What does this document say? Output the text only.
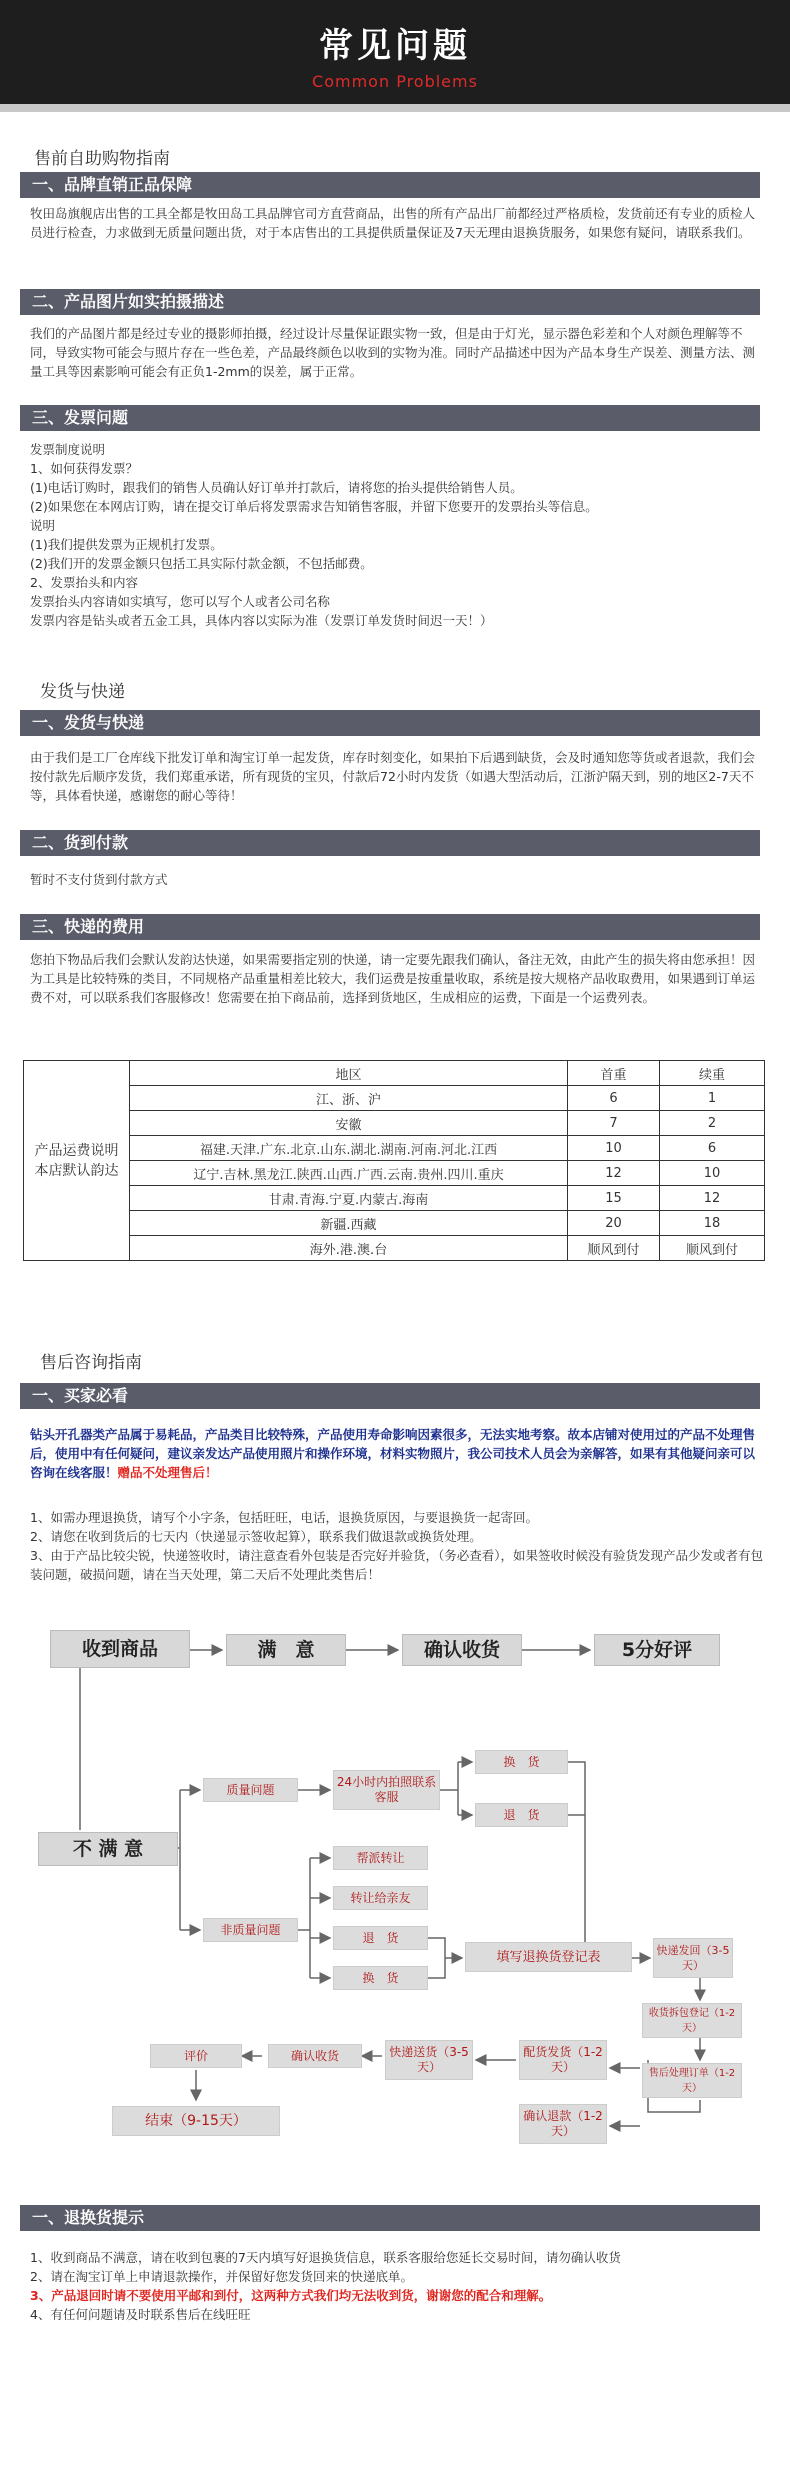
常见问题
Common Problems
售前自助购物指南
一、品牌直销正品保障
牧田岛旗舰店出售的工具全都是牧田岛工具品牌官司方直营商品，出售的所有产品出厂前都经过严格质检，发货前还有专业的质检人员进行检查，力求做到无质量问题出货，对于本店售出的工具提供质量保证及7天无理由退换货服务，如果您有疑问，请联系我们。
二、产品图片如实拍摄描述
我们的产品图片都是经过专业的摄影师拍摄，经过设计尽量保证跟实物一致，但是由于灯光，显示器色彩差和个人对颜色理解等不同，导致实物可能会与照片存在一些色差，产品最终颜色以收到的实物为准。同时产品描述中因为产品本身生产误差、测量方法、测量工具等因素影响可能会有正负1-2mm的误差，属于正常。
三、发票问题
发票制度说明
1、如何获得发票？
(1)电话订购时，跟我们的销售人员确认好订单并打款后，请将您的抬头提供给销售人员。
(2)如果您在本网店订购，请在提交订单后将发票需求告知销售客服，并留下您要开的发票抬头等信息。
说明
(1)我们提供发票为正规机打发票。
(2)我们开的发票金额只包括工具实际付款金额，不包括邮费。
2、发票抬头和内容
发票抬头内容请如实填写，您可以写个人或者公司名称
发票内容是钻头或者五金工具，具体内容以实际为准（发票订单发货时间迟一天！）
发货与快递
一、发货与快递
由于我们是工厂仓库线下批发订单和淘宝订单一起发货，库存时刻变化，如果拍下后遇到缺货，会及时通知您等货或者退款，我们会按付款先后顺序发货，我们郑重承诺，所有现货的宝贝，付款后72小时内发货（如遇大型活动后，江浙沪隔天到，别的地区2-7天不等，具体看快递，感谢您的耐心等待！
二、货到付款
暂时不支付货到付款方式
三、快递的费用
您拍下物品后我们会默认发韵达快递，如果需要指定别的快递，请一定要先跟我们确认，备注无效，由此产生的损失将由您承担！因为工具是比较特殊的类目，不同规格产品重量相差比较大，我们运费是按重量收取，系统是按大规格产品收取费用，如果遇到订单运费不对，可以联系我们客服修改！您需要在拍下商品前，选择到货地区，生成相应的运费，下面是一个运费列表。
产品运费说明本店默认韵达	地区	首重	续重
	江、浙、沪	6	1
	安徽	7	2
	福建.天津.广东.北京.山东.湖北.湖南.河南.河北.江西	10	6
	辽宁.吉林.黑龙江.陕西.山西.广西.云南.贵州.四川.重庆	12	10
	甘肃.青海.宁夏.内蒙古.海南	15	12
	新疆.西藏	20	18
	海外.港.澳.台	顺风到付	顺风到付
售后咨询指南
一、买家必看
钻头开孔器类产品属于易耗品，产品类目比较特殊，产品使用寿命影响因素很多，无法实地考察。故本店铺对使用过的产品不处理售后，使用中有任何疑问，建议亲发达产品使用照片和操作环境，材料实物照片，我公司技术人员会为亲解答，如果有其他疑问亲可以咨询在线客服！赠品不处理售后！
1、如需办理退换货，请写个小字条，包括旺旺，电话，退换货原因，与要退换货一起寄回。
2、请您在收到货后的七天内（快递显示签收起算），联系我们做退款或换货处理。
3、由于产品比较尖锐，快递签收时，请注意查看外包装是否完好并验货，（务必查看），如果签收时候没有验货发现产品少发或者有包装问题，破损问题，请在当天处理，第二天后不处理此类售后！
收到商品	满　意	确认收货	5分好评
不 满 意
质量问题
24小时内拍照联系客服
换　货
退　货
非质量问题
帮派转让
转让给亲友
退　货
换　货
填写退换货登记表	快递发回（3-5天）
收货拆包登记（1-2天）
售后处理订单（1-2天）
配货发货（1-2天）
确认退款（1-2天）
快递送货（3-5天）
确认收货
评价
结束（9-15天）
一、退换货提示
1、收到商品不满意，请在收到包裹的7天内填写好退换货信息，联系客服给您延长交易时间，请勿确认收货
2、请在淘宝订单上申请退款操作，并保留好您发货回来的快递底单。
3、产品退回时请不要使用平邮和到付，这两种方式我们均无法收到货，谢谢您的配合和理解。
4、有任何问题请及时联系售后在线旺旺
